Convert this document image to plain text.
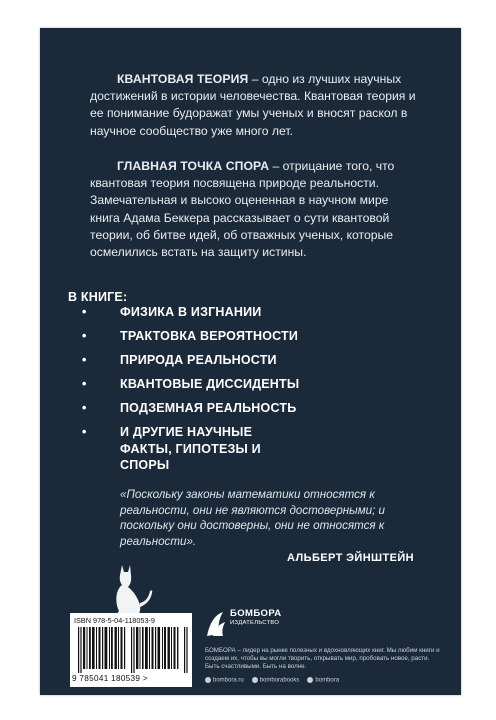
КВАНТОВАЯ ТЕОРИЯ – одно из лучших научных достижений в истории человечества. Квантовая теория и ее понимание будоражат умы ученых и вносят раскол в научное сообщество уже много лет.
ГЛАВНАЯ ТОЧКА СПОРА – отрицание того, что квантовая теория посвящена природе реальности. Замечательная и высоко оцененная в научном мире книга Адама Беккера рассказывает о сути квантовой теории, об битве идей, об отважных ученых, которые осмелились встать на защиту истины.
В КНИГЕ:
•	ФИЗИКА В ИЗГНАНИИ
•	ТРАКТОВКА ВЕРОЯТНОСТИ
•	ПРИРОДА РЕАЛЬНОСТИ
•	КВАНТОВЫЕ ДИССИДЕНТЫ
•	ПОДЗЕМНАЯ РЕАЛЬНОСТЬ
•	И ДРУГИЕ НАУЧНЫЕ ФАКТЫ, ГИПОТЕЗЫ И СПОРЫ
«Поскольку законы математики относятся к реальности, они не являются достоверными; и поскольку они достоверны, они не относятся к реальности».
АЛЬБЕРТ ЭЙНШТЕЙН
ISBN 978-5-04-118053-9
9 785041 180539 >
БОМБОРА
ИЗДАТЕЛЬСТВО
БОМБОРА – лидер на рынке полезных и вдохновляющих книг. Мы любим книги и создаем их, чтобы вы могли творить, открывать мир, пробовать новое, расти. Быть счастливыми. Быть на волне.
bombora.ru	bomborabooks	bombora
